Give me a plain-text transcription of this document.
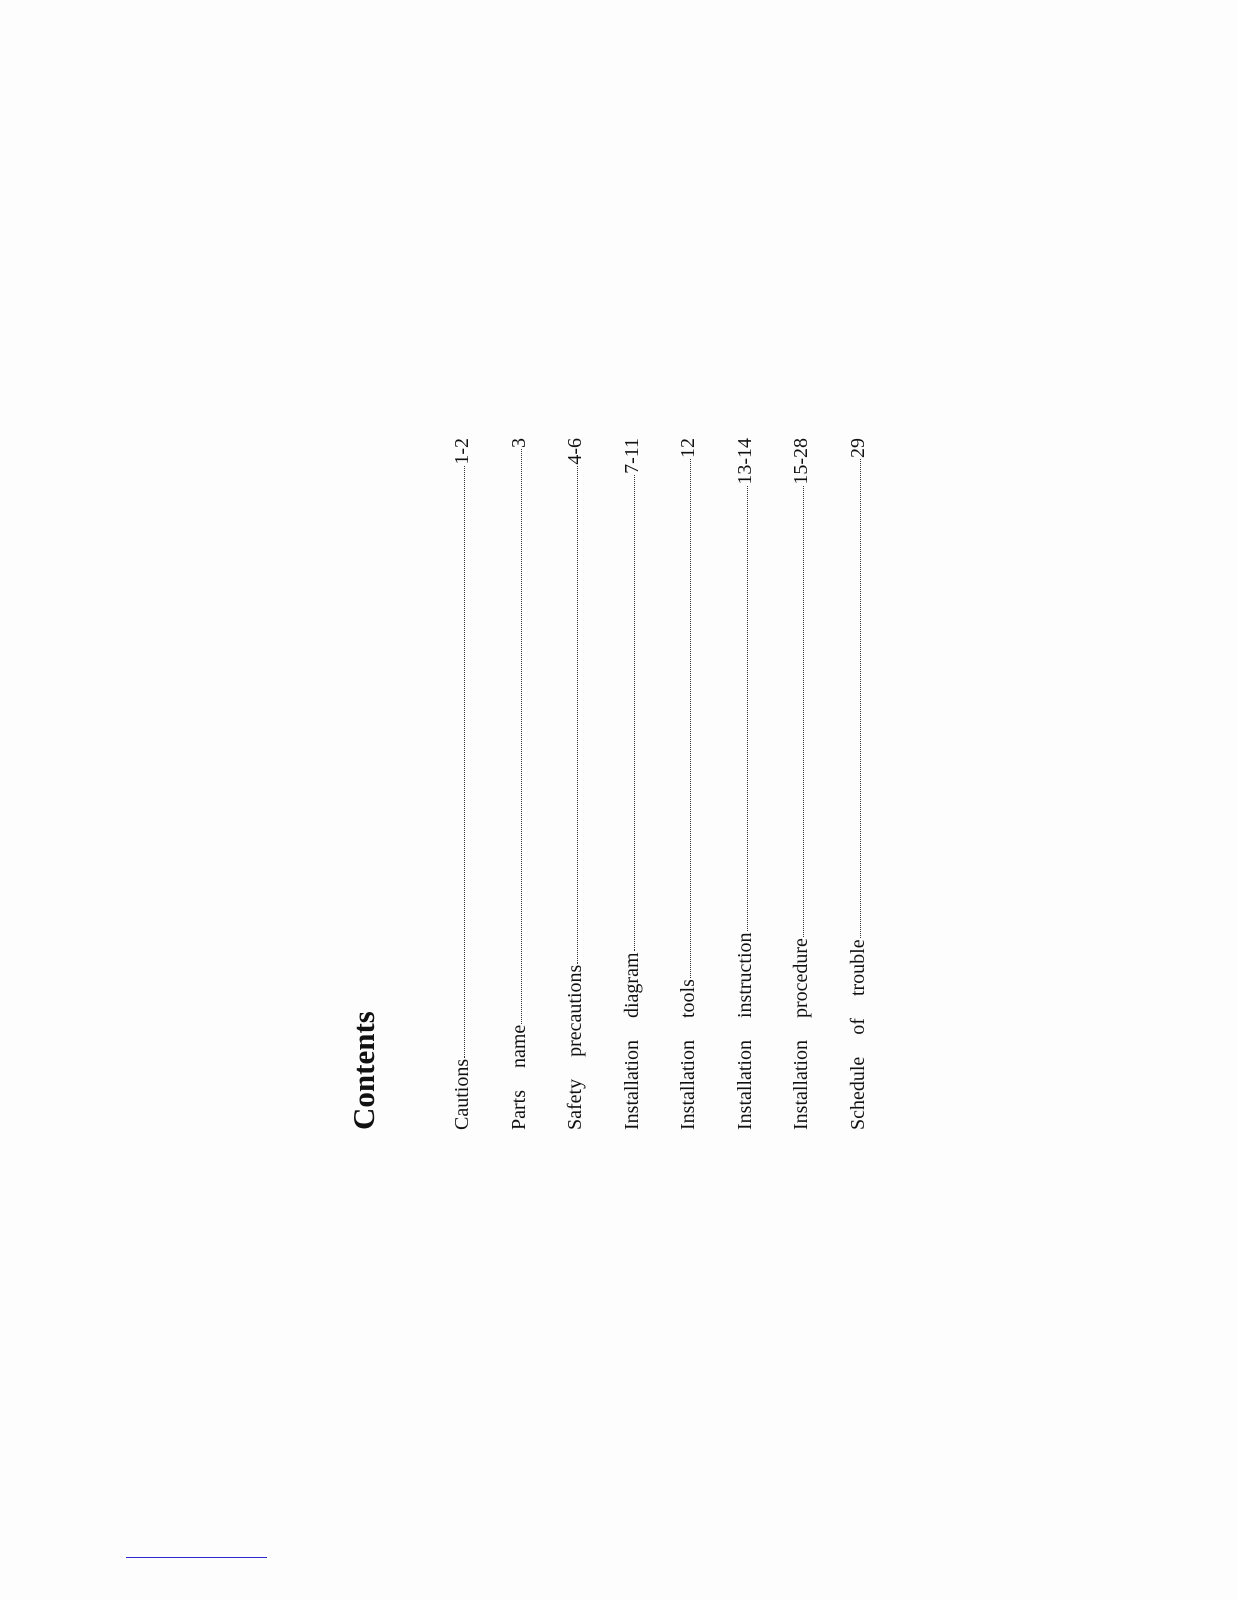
Contents	Cautions
1-2
Parts  name
3
Safety  precautions
4-6
Installation  diagram
7-11
Installation  tools
12
Installation  instruction
13-14
Installation  procedure
15-28
Schedule  of  trouble
29
